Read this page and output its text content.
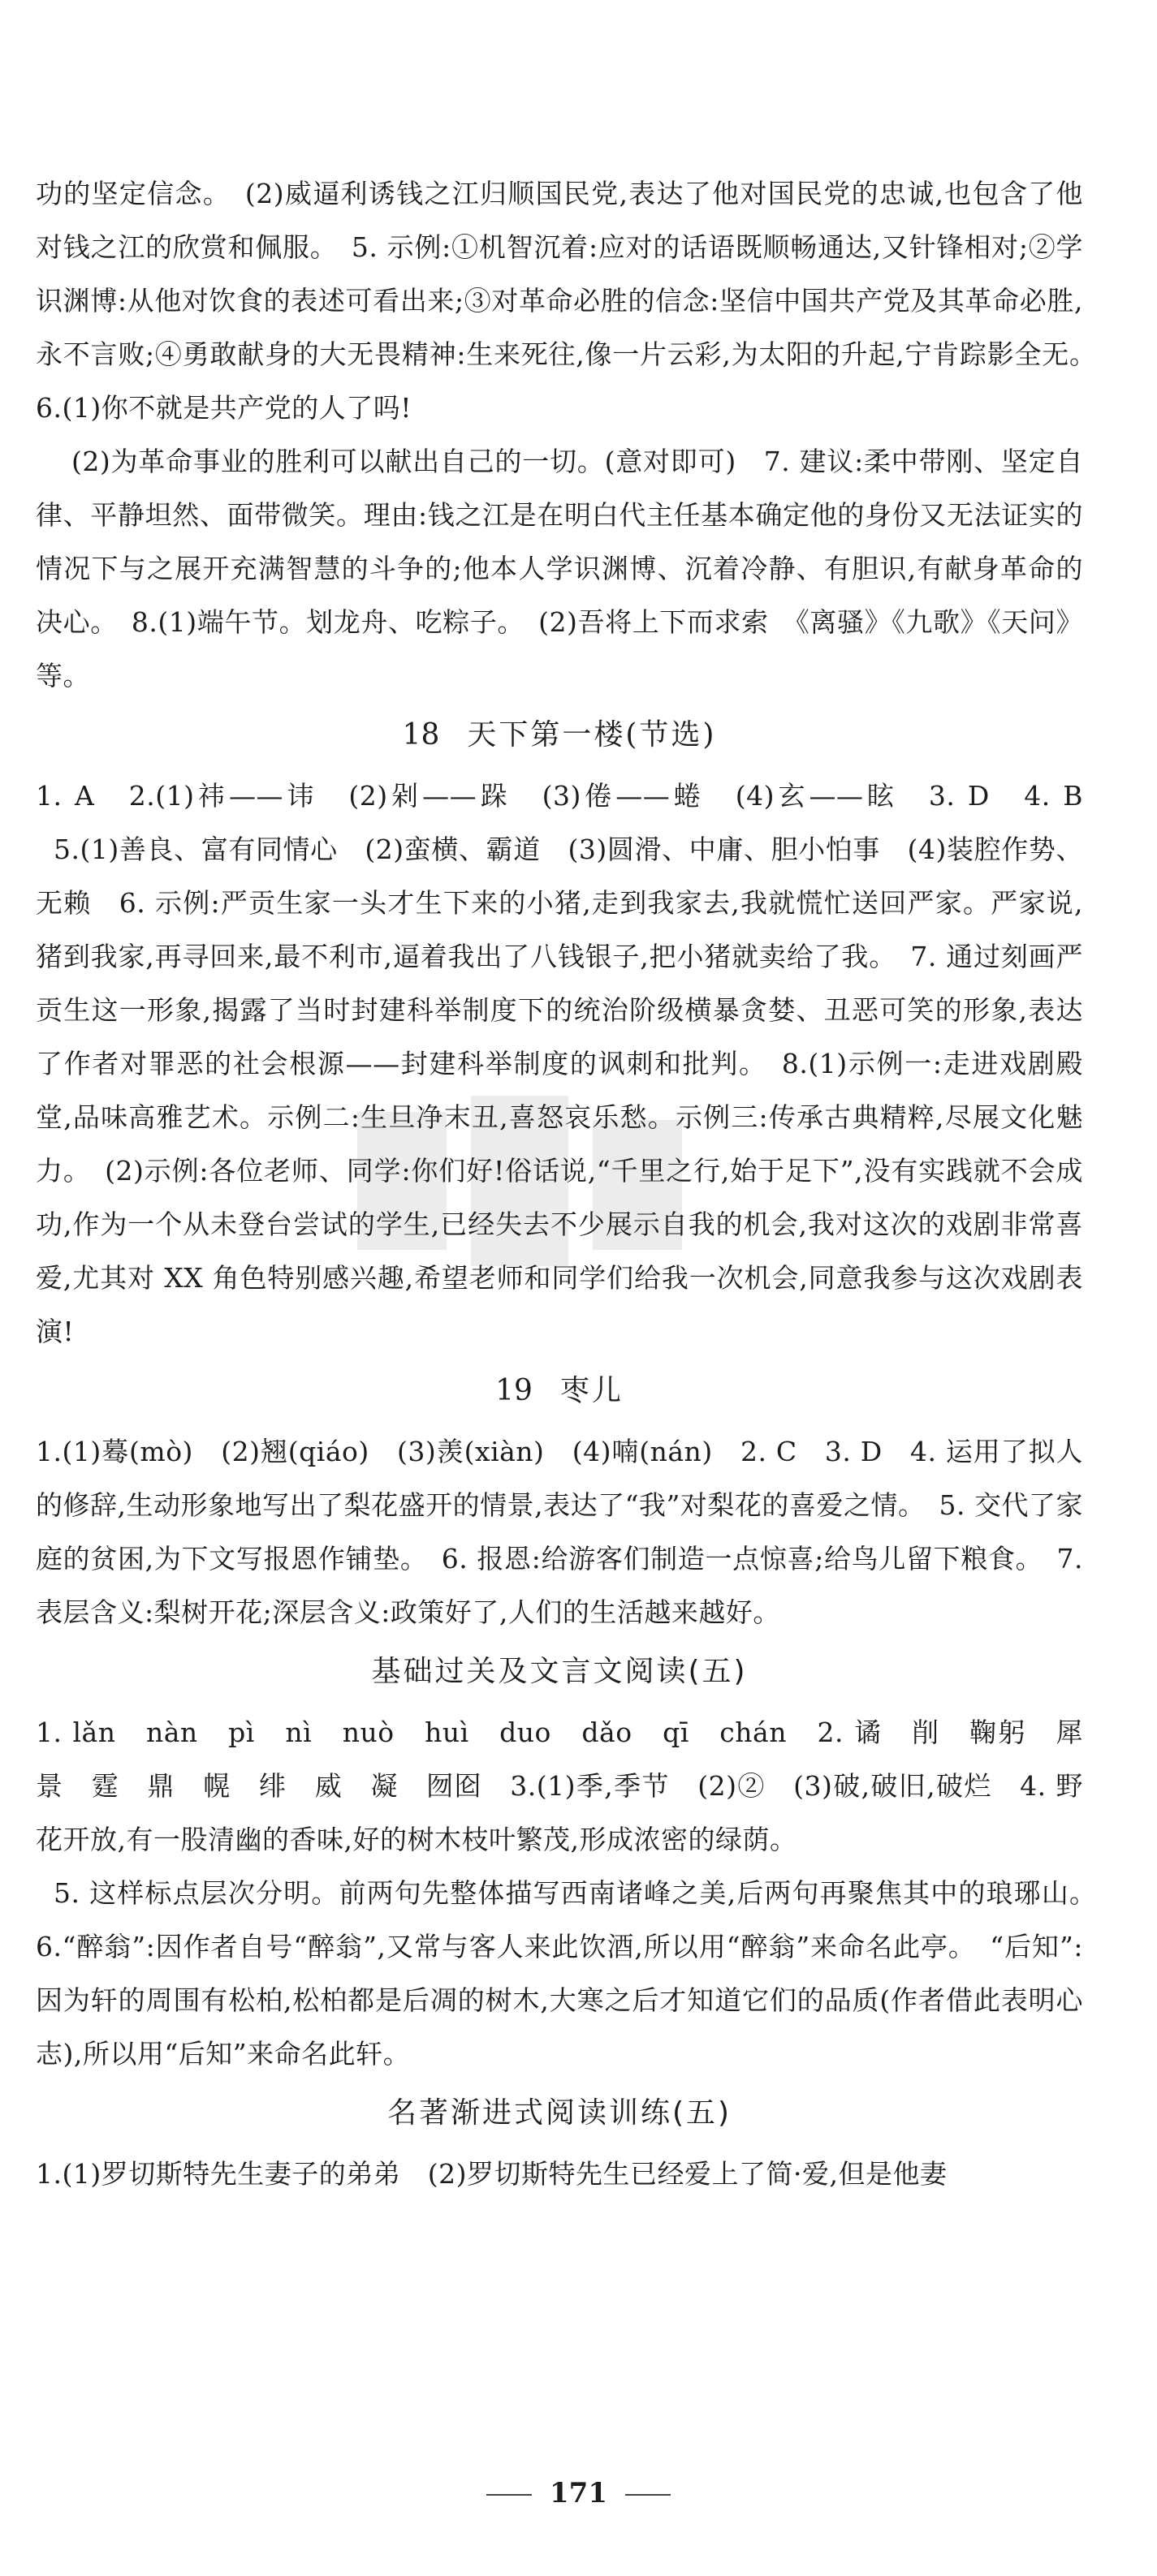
功的坚定信念。　(2)威逼利诱钱之江归顺国民党,表达了他对国民党的忠诚,也包含了他对钱之江的欣赏和佩服。　5. 示例:①机智沉着:应对的话语既顺畅通达,又针锋相对;②学识渊博:从他对饮食的表述可看出来;③对革命必胜的信念:坚信中国共产党及其革命必胜,永不言败;④勇敢献身的大无畏精神:生来死往,像一片云彩,为太阳的升起,宁肯踪影全无。　6.(1)你不就是共产党的人了吗!

(2)为革命事业的胜利可以献出自己的一切。(意对即可)　7. 建议:柔中带刚、坚定自律、平静坦然、面带微笑。理由:钱之江是在明白代主任基本确定他的身份又无法证实的情况下与之展开充满智慧的斗争的;他本人学识渊博、沉着冷静、有胆识,有献身革命的决心。　8.(1)端午节。划龙舟、吃粽子。　(2)吾将上下而求索　《离骚》《九歌》《天问》等。

18 天下第一楼(节选)

1. A　2.(1)祎——讳　(2)剁——跺　(3)倦——蜷　(4)玄——眩　3. D　4. B

5.(1)善良、富有同情心　(2)蛮横、霸道　(3)圆滑、中庸、胆小怕事　(4)装腔作势、无赖　6. 示例:严贡生家一头才生下来的小猪,走到我家去,我就慌忙送回严家。严家说,猪到我家,再寻回来,最不利市,逼着我出了八钱银子,把小猪就卖给了我。　7. 通过刻画严贡生这一形象,揭露了当时封建科举制度下的统治阶级横暴贪婪、丑恶可笑的形象,表达了作者对罪恶的社会根源——封建科举制度的讽刺和批判。　8.(1)示例一:走进戏剧殿堂,品味高雅艺术。示例二:生旦净末丑,喜怒哀乐愁。示例三:传承古典精粹,尽展文化魅力。　(2)示例:各位老师、同学:你们好!俗话说,“千里之行,始于足下”,没有实践就不会成功,作为一个从未登台尝试的学生,已经失去不少展示自我的机会,我对这次的戏剧非常喜爱,尤其对 XX 角色特别感兴趣,希望老师和同学们给我一次机会,同意我参与这次戏剧表演!

19 枣儿

1.(1)蓦(mò)　(2)翘(qiáo)　(3)羡(xiàn)　(4)喃(nán)　2. C　3. D　4. 运用了拟人的修辞,生动形象地写出了梨花盛开的情景,表达了“我”对梨花的喜爱之情。　5. 交代了家庭的贫困,为下文写报恩作铺垫。　6. 报恩:给游客们制造一点惊喜;给鸟儿留下粮食。　7. 表层含义:梨树开花;深层含义:政策好了,人们的生活越来越好。

基础过关及文言文阅读(五)

1. lǎn　nàn　pì　nì　nuò　huì　duo　dǎo　qī　chán　2. 谲　削　鞠躬　犀　景　霆　鼎　幌　绯　威　凝　囫囵　3.(1)季,季节　(2)②　(3)破,破旧,破烂　4. 野花开放,有一股清幽的香味,好的树木枝叶繁茂,形成浓密的绿荫。

5. 这样标点层次分明。前两句先整体描写西南诸峰之美,后两句再聚焦其中的琅琊山。　6.“醉翁”:因作者自号“醉翁”,又常与客人来此饮酒,所以用“醉翁”来命名此亭。　“后知”:因为轩的周围有松柏,松柏都是后凋的树木,大寒之后才知道它们的品质(作者借此表明心志),所以用“后知”来命名此轩。

名著渐进式阅读训练(五)

1.(1)罗切斯特先生妻子的弟弟　(2)罗切斯特先生已经爱上了简·爱,但是他妻

171
